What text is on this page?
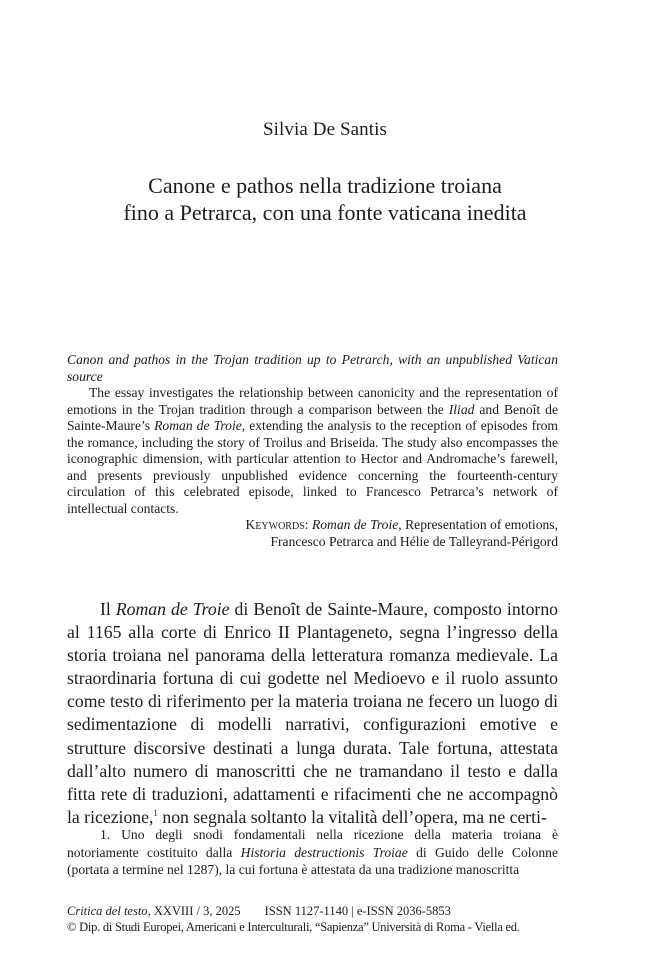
Silvia De Santis
Canone e pathos nella tradizione troiana
fino a Petrarca, con una fonte vaticana inedita
Canon and pathos in the Trojan tradition up to Petrarch, with an unpublished Vatican source

The essay investigates the relationship between canonicity and the representation of emotions in the Trojan tradition through a comparison between the Iliad and Benoît de Sainte-Maure’s Roman de Troie, extending the analysis to the reception of episodes from the romance, including the story of Troilus and Briseida. The study also encompasses the iconographic dimension, with particular attention to Hector and Andromache’s farewell, and presents previously unpublished evidence concerning the fourteenth-century circulation of this celebrated episode, linked to Francesco Petrarca’s network of intellectual contacts.

Keywords: Roman de Troie, Representation of emotions,
Francesco Petrarca and Hélie de Talleyrand-Périgord

Il Roman de Troie di Benoît de Sainte-Maure, composto intorno al 1165 alla corte di Enrico II Plantageneto, segna l’ingresso della storia troiana nel panorama della letteratura romanza medievale. La straordinaria fortuna di cui godette nel Medioevo e il ruolo assunto come testo di riferimento per la materia troiana ne fecero un luogo di sedimentazione di modelli narrativi, configurazioni emotive e strutture discorsive destinati a lunga durata. Tale fortuna, attestata dall’alto numero di manoscritti che ne tramandano il testo e dalla fitta rete di traduzioni, adattamenti e rifacimenti che ne accompagnò la ricezione,$^1$ non segnala soltanto la vitalità dell’opera, ma ne certi-

1. Uno degli snodi fondamentali nella ricezione della materia troiana è notoriamente costituito dalla Historia destructionis Troiae di Guido delle Colonne (portata a termine nel 1287), la cui fortuna è attestata da una tradizione manoscritta

Critica del testo, XXVIII / 3, 2025 ISSN 1127-1140 | e-ISSN 2036-5853
© Dip. di Studi Europei, Americani e Interculturali, “Sapienza” Università di Roma - Viella ed.
